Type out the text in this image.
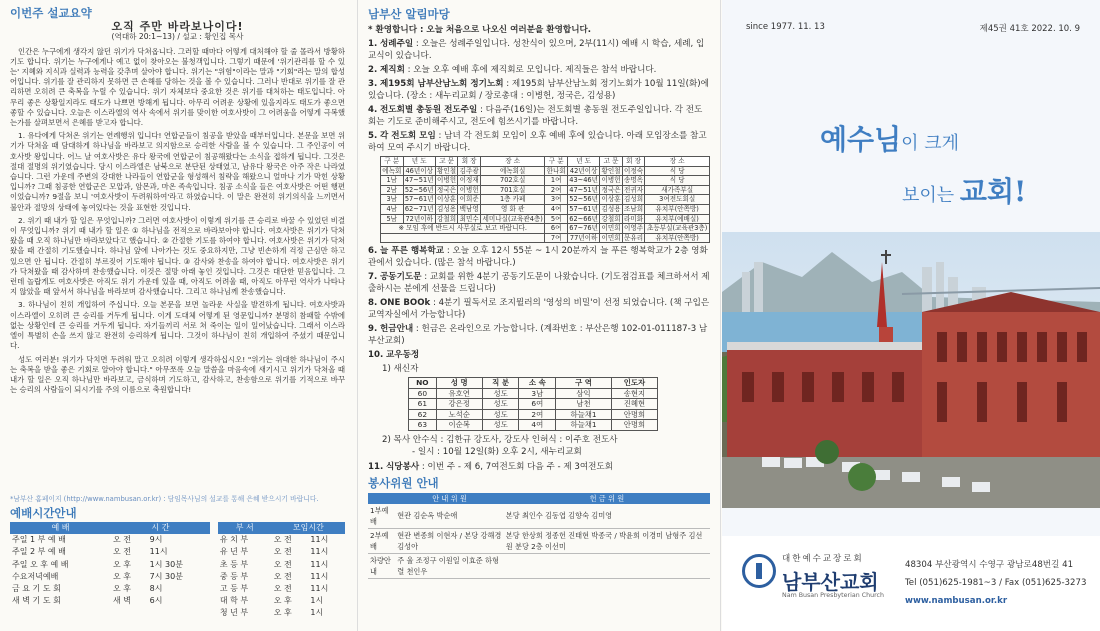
이번주 설교요약
오직 주만 바라보나이다!
(역대하 20:1~13) / 설교 : 황인집 목사

인간은 누구에게 생각지 않던 위기가 닥쳐옵니다. 그러할 때마다 어떻게 대처해야 할 줄 몰라서 방황하기도 합니다. 위기는 누구에게나 예고 없이 찾아오는 불청객입니다. 그렇기 때문에 '위기관리를 할 수 있는' 지혜와 지식과 실력과 능력을 갖추며 살아야 합니다. 위기는 "위험"이라는 말과 "기회"라는 말의 합성어입니다. 위기를 잘 관리하지 못하면 큰 손해를 당하는 것을 볼 수 있습니다. 그러나 반대로 위기를 잘 관리하면 오히려 큰 축복을 누릴 수 있습니다. 위기 자체보다 중요한 것은 위기를 대처하는 태도입니다. 아무리 좋은 상황일지라도 태도가 나쁘면 방해게 됩니다. 아무리 어려운 상황에 있을지라도 태도가 좋으면 좋할 수 있습니다. 오늘은 이스라엘의 역사 속에서 위기를 맞이한 여호사밧이 그 어려움을 어떻게 극복했는가를 살펴보면서 은혜를 받고자 합니다.

1. 유다에게 닥쳐온 위기는 연례행위 입니다! 연합군들이 침공을 받았을 때부터입니다. 본문을 보면 위기가 닥쳐올 때 담대하게 하나님을 바라보고 의지함으로 승리한 사람을 볼 수 있습니다. 그 주인공이 여호사밧 왕입니다. 어느 날 여호사밧은 유다 왕국에 연합군이 침공해왔다는 소식을 접하게 됩니다. 그것은 절대 절명의 위기였습니다. 당시 이스라엘은 남북으로 분단된 상태였고, 남유다 왕국은 아주 작은 나라였습니다. 그런 가운데 주변의 강대한 나라들이 연합군을 형성해서 침략을 해왔으니 얼마나 기가 막힌 상황입니까? 그때 침공한 연합군은 모압과, 암몬과, 마온 족속입니다. 침공 소식을 들은 여호사밧은 어떤 행편 이었습니까? 9절을 보니 '여호사밧이 두려워하여'라고 하였습니다. 이 말은 완전히 위기의식을 느끼면서 불안과 절망의 상태에 놓여있다는 것을 표현한 것입니다.

2. 위기 때 내가 할 일은 무엇입니까? 그러면 여호사밧이 이렇게 위기를 큰 승리로 바꿀 수 있었던 비결이 무엇입니까? 위기 때 내가 할 일은 ① 하나님을 전적으로 바라보아야 합니다. 여호사밧은 위기가 닥쳐왔을 때 오직 하나님만 바라보았다고 했습니다. ② 간절한 기도를 하여야 합니다. 여호사밧은 위기가 닥쳐왔을 때 간절히 기도했습니다. 하나님 앞에 나아가는 것도 중요하지만, 그냥 빈손하게 걱정 근심만 하고 있으면 안 됩니다. 간절히 부르짖어 기도해야 됩니다. ③ 감사와 찬송을 하여야 합니다. 여호사밧은 위기가 닥쳐왔을 때 감사하며 찬송했습니다. 이것은 절망 아래 놓인 것입니다. 그것은 대단한 믿음입니다. 그런데 놀랍게도 여호사밧은 아직도 위기 가운데 있을 때, 아직도 어려울 때, 아직도 아무런 역사가 나타나지 않았을 때 앞서서 하나님을 바라보며 감사했습니다. 그리고 하나님께 찬송했습니다.

3. 하나님이 친히 개입하여 주십니다. 오늘 본문을 보면 놀라운 사실을 발견하게 됩니다. 여호사밧과 이스라엘이 오히려 큰 승리를 거두게 됩니다. 이게 도대체 어떻게 된 영문입니까? 분명히 참패할 수밖에 없는 상황인데 큰 승리를 거두게 됩니다. 자기들끼리 서로 쳐 죽이는 일이 일어났습니다. 그래서 이스라엘이 특별히 손을 쓰지 않고 완전히 승리하게 됩니다. 그것이 하나님이 친히 개입하여 주셨기 때문입니다.

성도 여러분! 위기가 닥치면 두려워 말고 오히려 이렇게 생각하십시오! "위기는 위대한 하나님이 주시는 축복을 받을 좋은 기회로 알아야 합니다." 아무쪼록 오늘 말씀을 마음속에 새기시고 위기가 닥쳐올 때 내가 할 일은 오직 하나님만 바라보고, 금식하며 기도하고, 감사하고, 찬송함으로 위기를 기적으로 바꾸는 승리의 사람들이 되시기를 주의 이름으로 축원합니다!

*남부산 홈페이지 (http://www.nambusan.or.kr) : 담임목사님의 설교를 통해 은혜 받으시기 바랍니다.
예배시간안내
예 배	시 간			부 서	모임시간	
주일 1 부 예 배	오 전	9시		유 치 부	오 전	11시
주일 2 부 예 배	오 전	11시		유 년 부	오 전	11시
주일 오 후 예 배	오 후	1시 30분		초 등 부	오 전	11시
수요저녁예배	오 후	7시 30분		중 등 부	오 전	11시
금 요 기 도 회	오 후	8시		고 등 부	오 전	11시
새 벽 기 도 회	새 벽	6시		대 학 부	오 후	1시
				청 년 부	오 후	1시
남부산 알림마당
* 환영합니다 : 오늘 처음으로 나오신 여러분을 환영합니다.
1. 성례주일 : 오늘은 성례주일입니다. 성찬식이 있으며, 2부(11시) 예배 시 학습, 세례, 입교식이 있습니다.
2. 제직회 : 오늘 오후 예배 후에 제직회로 모입니다. 제직들은 참석 바랍니다.
3. 제195회 남부산남노회 정기노회 : 제195회 남부산남노회 정기노회가 10월 11일(화)에 있습니다. (장소 : 새누리교회 / 장로총대 : 이병헌, 정국은, 김성용)
4. 전도회별 총동원 전도주일 : 다음주(16일)는 전도회별 총동원 전도주일입니다. 각 전도회는 기도로 준비해주시고, 전도에 힘쓰시기를 바랍니다.
5. 각 전도회 모임 : 남녀 각 전도회 모임이 오후 예배 후에 있습니다. 아래 모임장소를 참고하여 모여 주시기 바랍니다.
구 분	년 도	고 문	회 장	장 소	구 분	년 도	고 문	회 장	장 소
에녹회	46년이상	황인철	김주광	에녹회실	한나회	42년이상	황인철	이정숙	식 당
1남	47~51년	이병헌	이정재	702호실	1여	43~46년	이병헌	송명옥	식 당
2남	52~56년	정국은	이병헌	701호실	2여	47~51년	정국은	전귀자	새가족부실
3남	57~61년	이상훈	이희준	1층 카페	3여	52~56년	이상훈	김성희	3여전도회실
4남	62~71년	김성용	백남영	영 화 관	4여	57~61년	김성용	조남희	유치부(안쪽방)
5남	72년이하	강철희	최민수	세미나실(교육관4층)	5여	62~66년	강철희	라미화	유치부(예배실)
※ 모임 후에 반드시 사무실로 보고 바랍니다.					6여	67~76년	이민희	이영주	초등부실(교육관3층)
					7여	77년이하	이민희	문유리	유치부(안쪽방)
6. 늘 푸른 행복학교 : 오늘 오후 12시 55분 ~ 1시 20분까지 늘 푸른 행복학교가 2층 영화관에서 있습니다. (많은 참석 바랍니다.)
7. 공동기도문 : 교회를 위한 4분기 공동기도문이 나왔습니다. (기도점검표를 체크하셔서 제출하시는 분에게 선물을 드립니다)
8. ONE BOOk : 4분기 필독서로 조지뮐러의 '영성의 비밀'이 선정 되었습니다. (책 구입은 교역자실에서 가능합니다)
9. 헌금안내 : 헌금은 온라인으로 가능합니다. (계좌번호 : 부산은행 102-01-011187-3 남부산교회)
10. 교우동정
1) 새신자
NO	성 명	직 분	소 속	구 역	인도자
60	유호연	성도	3남	삼익	송현지
61	강은정	성도	6여	남천	진혜현
62	노석순	성도	2여	하늘채1	안명희
63	이순복	성도	4여	하늘채1	안명희
2) 목사 안수식 : 김한규 강도사, 강도사 인허식 : 이주호 전도사
- 일시 : 10월 12일(화) 오후 2시, 새누리교회
11. 식당봉사 : 이번 주 - 제 6, 7여전도회 다음 주 - 제 3여전도회
봉사위원 안내
	안 내 위 원	헌 금 위 원
1부예배	현관 김순옥 박순애	본당 최인수 김동엽 김향숙 김미영
2부예배	현관 변종희 이현자 / 본당 강해경 김성아	본당 한상희 정종헌 진태현 박종국 / 박윤희 이경미 남형주 김선원 분당 2층 이선미
차량안내	주 율 조정구 이원일 이효준 하형렬 천인우	
since 1977. 11. 13	제45권 41호 2022. 10. 9
예수님이 크게
보이는 교회!
대한예수교장로회
남부산교회
Nam Busan Presbyterian Church
48304 부산광역시 수영구 광남로48번길 41
Tel (051)625-1981~3 / Fax (051)625-3273
www.nambusan.or.kr
